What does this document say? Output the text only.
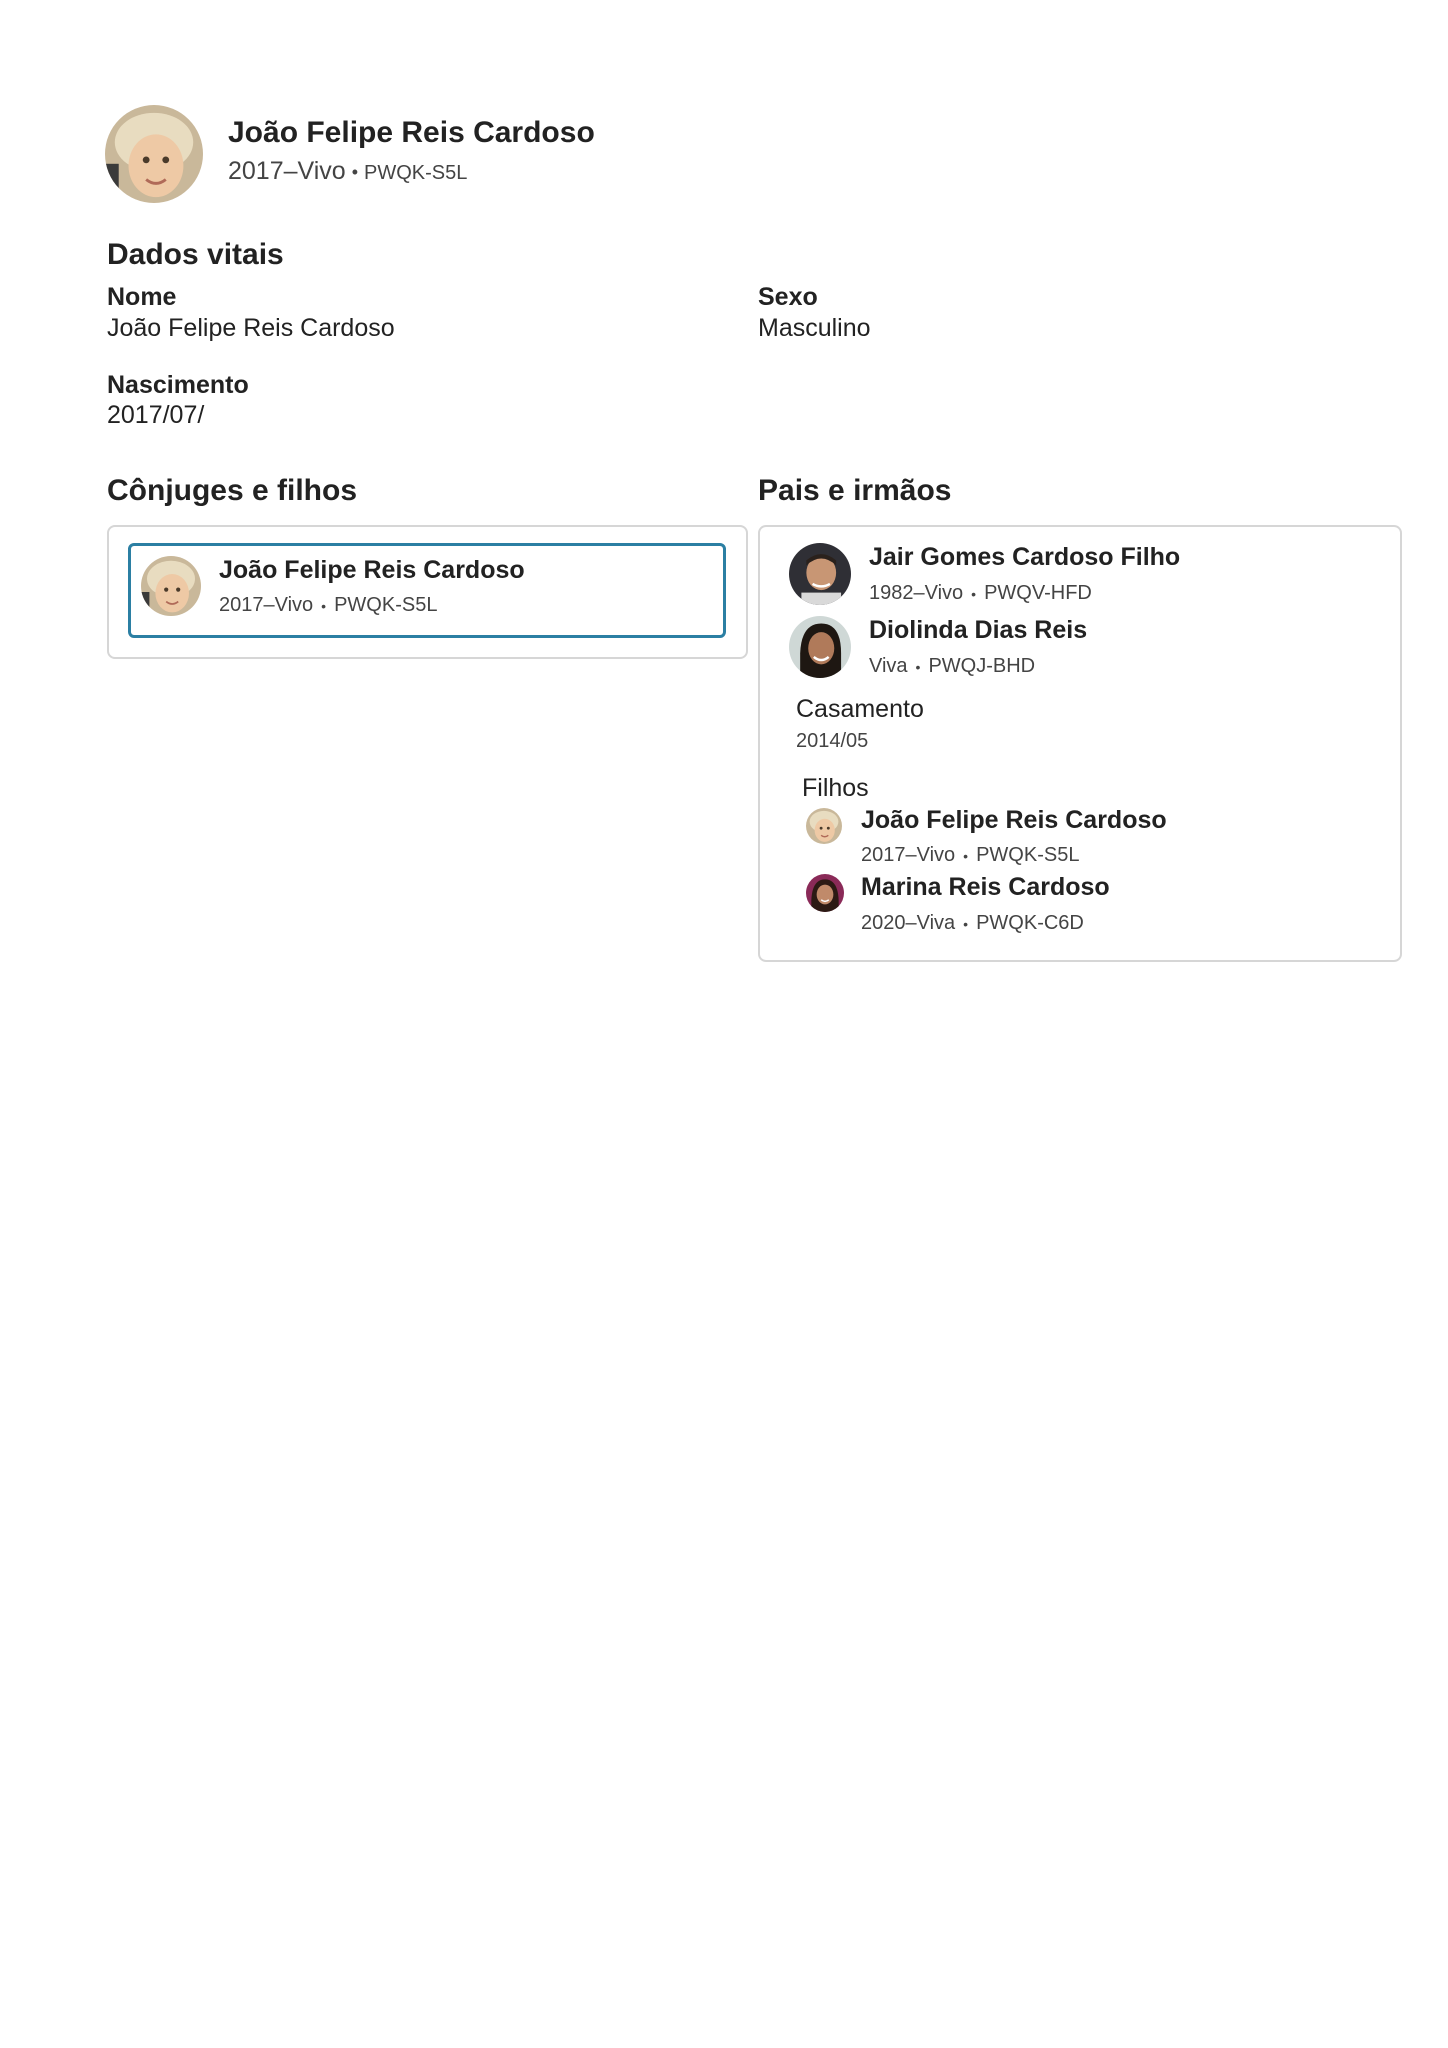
João Felipe Reis Cardoso
2017–Vivo • PWQK-S5L
Dados vitais
Nome
João Felipe Reis Cardoso
Sexo
Masculino
Nascimento
2017/07/
Cônjuges e filhos
João Felipe Reis Cardoso
2017–Vivo • PWQK-S5L
Pais e irmãos
Jair Gomes Cardoso Filho
1982–Vivo • PWQV-HFD
Diolinda Dias Reis
Viva • PWQJ-BHD
Casamento
2014/05
Filhos
João Felipe Reis Cardoso
2017–Vivo • PWQK-S5L
Marina Reis Cardoso
2020–Viva • PWQK-C6D
